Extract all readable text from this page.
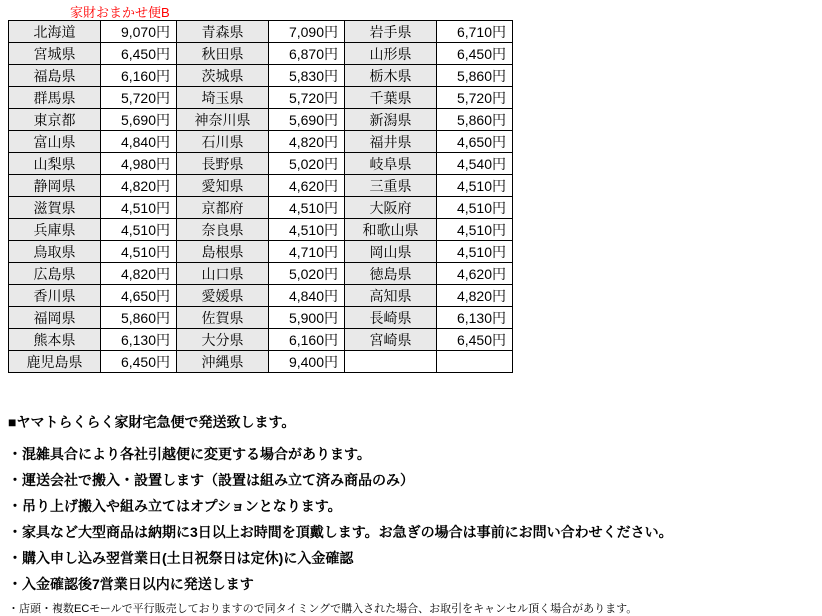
家財おまかせ便B
北海道	9,070円	青森県	7,090円	岩手県	6,710円
宮城県	6,450円	秋田県	6,870円	山形県	6,450円
福島県	6,160円	茨城県	5,830円	栃木県	5,860円
群馬県	5,720円	埼玉県	5,720円	千葉県	5,720円
東京都	5,690円	神奈川県	5,690円	新潟県	5,860円
富山県	4,840円	石川県	4,820円	福井県	4,650円
山梨県	4,980円	長野県	5,020円	岐阜県	4,540円
静岡県	4,820円	愛知県	4,620円	三重県	4,510円
滋賀県	4,510円	京都府	4,510円	大阪府	4,510円
兵庫県	4,510円	奈良県	4,510円	和歌山県	4,510円
鳥取県	4,510円	島根県	4,710円	岡山県	4,510円
広島県	4,820円	山口県	5,020円	徳島県	4,620円
香川県	4,650円	愛媛県	4,840円	高知県	4,820円
福岡県	5,860円	佐賀県	5,900円	長崎県	6,130円
熊本県	6,130円	大分県	6,160円	宮崎県	6,450円
鹿児島県	6,450円	沖縄県	9,400円		
■ヤマトらくらく家財宅急便で発送致します。
・混雑具合により各社引越便に変更する場合があります。
・運送会社で搬入・設置します（設置は組み立て済み商品のみ）
・吊り上げ搬入や組み立てはオプションとなります。
・家具など大型商品は納期に3日以上お時間を頂戴します。お急ぎの場合は事前にお問い合わせください。
・購入申し込み翌営業日(土日祝祭日は定休)に入金確認
・入金確認後7営業日以内に発送します
・店頭・複数ECモールで平行販売しておりますので同タイミングで購入された場合、お取引をキャンセル頂く場合があります。
